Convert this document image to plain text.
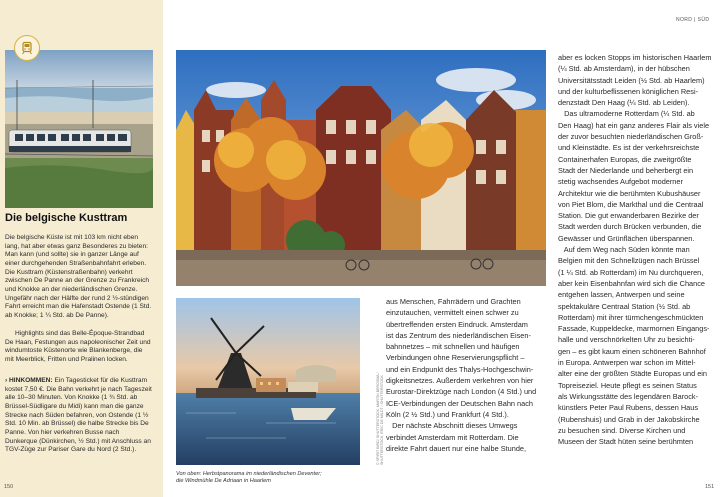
NORD | SÜD
Die belgische Kusttram

Die belgische Küste ist mit 103 km nicht eben lang, hat aber etwas ganz Besonderes zu bieten: Man kann (und sollte) sie in ganzer Länge auf einer durchgehenden Straßenbahnfahrt erleben. Die Kusttram (Küstenstraßenbahn) verkehrt zwischen De Panne an der Grenze zu Frankreich und Knokke an der niederländischen Grenze. Ungefähr nach der Hälfte der rund 2 ½-stündigen Fahrt erreicht man die Hafenstadt Ostende (1 Std. ab Knokke; 1 ¼ Std. ab De Panne).

Highlights sind das Belle-Époque-Strandbad De Haan, Festungen aus napoleonischer Zeit und windumtoste Küstenorte wie Blankenberge, die mit Meerblick, Fritten und Pralinen locken.

› HINKOMMEN: Ein Tagesticket für die Kusttram kostet 7,50 €. Die Bahn verkehrt je nach Tageszeit alle 10–30 Minuten. Von Knokke (1 ¾ Std. ab Brüssel-Südligare du Midi) kann man die ganze Strecke nach Süden befahren, von Ostende (1 ½ Std. 10 Min. ab Brüssel) die halbe Strecke bis De Panne. Von hier verkehren Busse nach Dunkerque (Dünkirchen, ½ Std.) mit Anschluss an TGV-Züge zur Pariser Gare du Nord (2 Std.).	© SPIRIT BIRD/ SHUTTERSTOCK, MARTIN BERGSMA / SHUTTERSTOCK, ERIC DE MILDT / SHUTTERSTOCK
Von oben: Herbstpanorama im niederländischen Deventer;
die Windmühle De Adriaan in Haarlem

aus Menschen, Fahrrädern und Grachten

einzutauchen, vermittelt einen schwer zu

übertreffenden ersten Eindruck. Amsterdam

ist das Zentrum des niederländischen Eisen-

bahnnetzes – mit schnellen und häufigen

Verbindungen ohne Reservierungspflicht –

und ein Endpunkt des Thalys-Hochgeschwin-

digkeitsnetzes. Außerdem verkehren von hier

Eurostar-Direktzüge nach London (4 Std.) und

ICE-Verbindungen der Deutschen Bahn nach

Köln (2 ½ Std.) und Frankfurt (4 Std.).

Der nächste Abschnitt dieses Umwegs

verbindet Amsterdam mit Rotterdam. Die

direkte Fahrt dauert nur eine halbe Stunde,

aber es locken Stopps im historischen Haarlem

(¼ Std. ab Amsterdam), in der hübschen

Universitätsstadt Leiden (½ Std. ab Haarlem)

und der kulturbeflissenen königlichen Resi-

denzstadt Den Haag (¼ Std. ab Leiden).

Das ultramoderne Rotterdam (¼ Std. ab

Den Haag) hat ein ganz anderes Flair als viele

der zuvor besuchten niederländischen Groß-

und Kleinstädte. Es ist der verkehrsreichste

Containerhafen Europas, die zweitgrößte

Stadt der Niederlande und beherbergt ein

stetig wachsendes Aufgebot moderner

Architektur wie die berühmten Kubushäuser

von Piet Blom, die Markthal und die Centraal

Station. Die gut erwanderbaren Bezirke der

Stadt werden durch Brücken verbunden, die

Gewässer und Grünflächen überspannen.

Auf dem Weg nach Süden könnte man

Belgien mit den Schnellzügen nach Brüssel

(1 ¼ Std. ab Rotterdam) im Nu durchqueren,

aber kein Eisenbahnfan wird sich die Chance

entgehen lassen, Antwerpen und seine

spektakuläre Centraal Station (½ Std. ab

Rotterdam) mit ihrer türmchengeschmückten

Fassade, Kuppeldecke, marmornen Eingangs-

halle und verschnörkelten Uhr zu besichti-

gen – es gibt kaum einen schöneren Bahnhof

in Europa. Antwerpen war schon im Mittel-

alter eine der größten Städte Europas und ein

Topreiseziel. Heute pflegt es seinen Status

als Wirkungsstätte des legendären Barock-

künstlers Peter Paul Rubens, dessen Haus

(Rubenshuis) und Grab in der Jakobskirche

zu besuchen sind. Diverse Kirchen und

Museen der Stadt hüten seine berühmten

150	151
